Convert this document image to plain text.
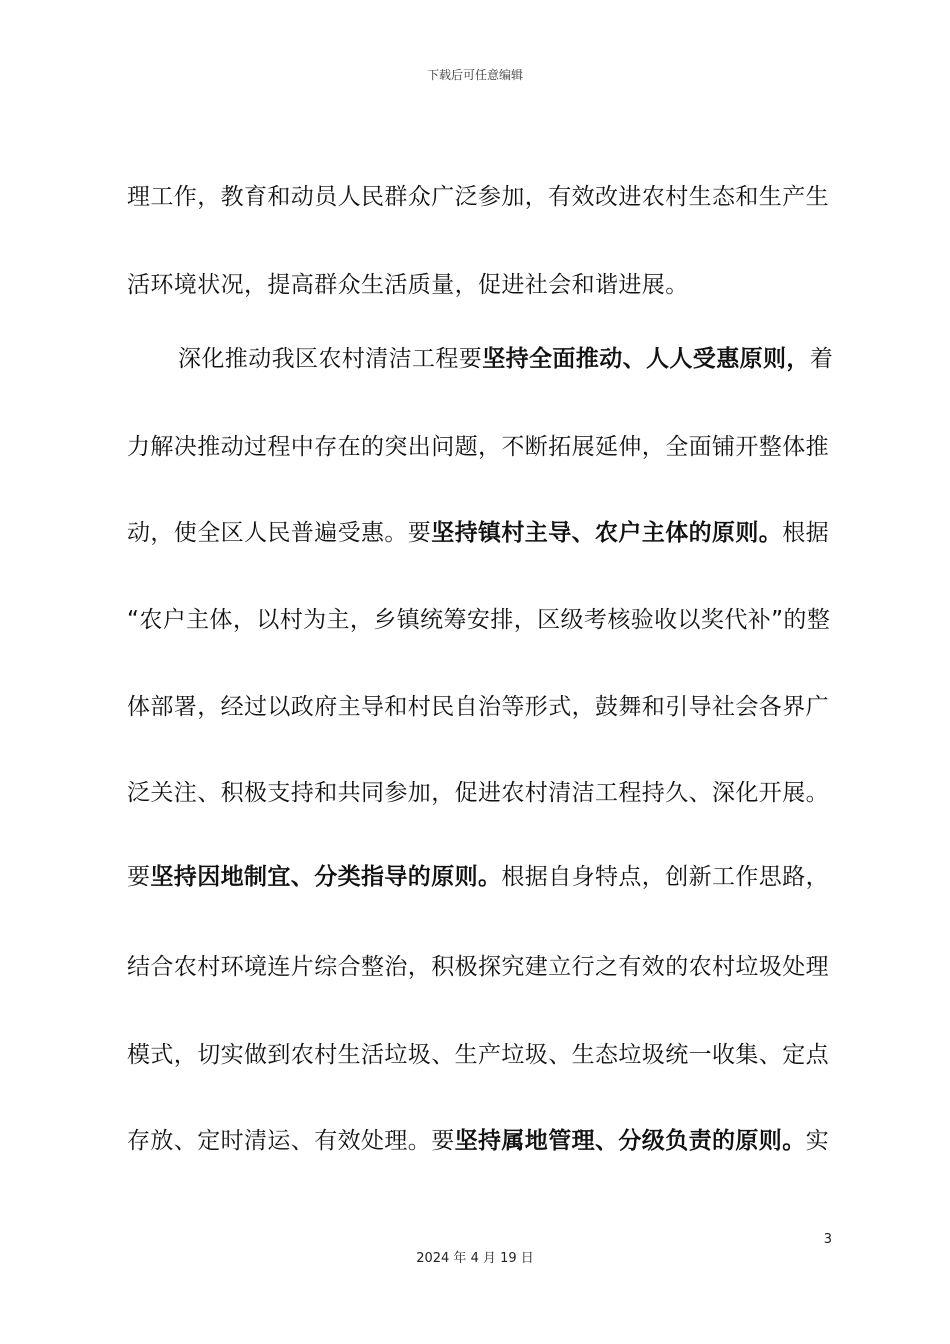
下载后可任意编辑
理工作，教育和动员人民群众广泛参加，有效改进农村生态和生产生
活环境状况，提高群众生活质量，促进社会和谐进展。
深化推动我区农村清洁工程要坚持全面推动、人人受惠原则，着
力解决推动过程中存在的突出问题，不断拓展延伸，全面铺开整体推
动，使全区人民普遍受惠。要坚持镇村主导、农户主体的原则。根据
“农户主体，以村为主，乡镇统筹安排，区级考核验收以奖代补”的整
体部署，经过以政府主导和村民自治等形式，鼓舞和引导社会各界广
泛关注、积极支持和共同参加，促进农村清洁工程持久、深化开展。
要坚持因地制宜、分类指导的原则。根据自身特点，创新工作思路，
结合农村环境连片综合整治，积极探究建立行之有效的农村垃圾处理
模式，切实做到农村生活垃圾、生产垃圾、生态垃圾统一收集、定点
存放、定时清运、有效处理。要坚持属地管理、分级负责的原则。实
3
2024 年 4 月 19 日
